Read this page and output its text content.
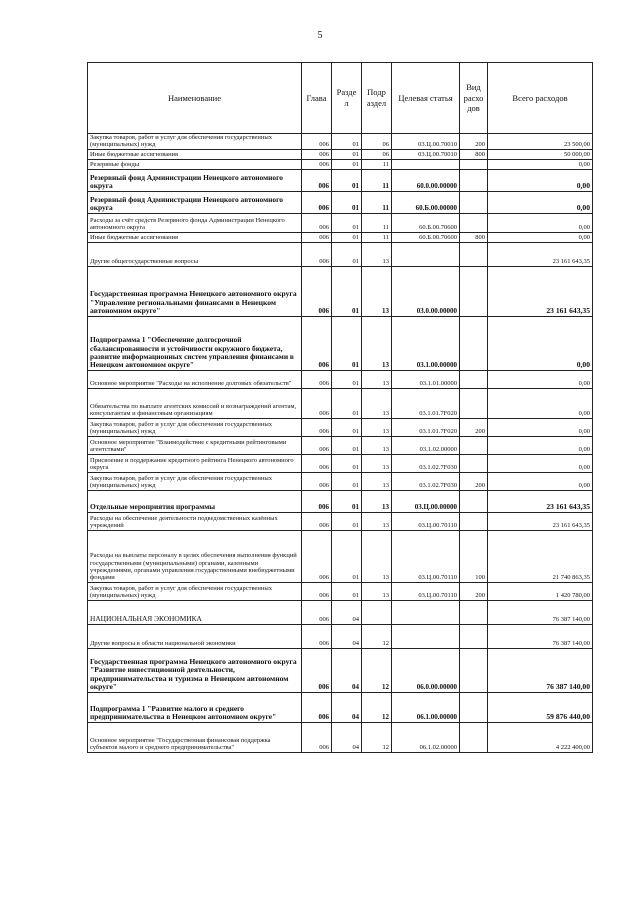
5
Наименование	Глава	Разде л	Подр аздел	Целевая статья	Вид расхо дов	Всего расходов
Закупка товаров, работ и услуг для обеспечения государственных (муниципальных) нужд	006	01	06	03.Ц.00.70010	200	23 500,00
Иные бюджетные ассигнования	006	01	06	03.Ц.00.70010	800	50 000,00
Резервные фонды	006	01	11			0,00
Резервный фонд Администрации Ненецкого автономного округа	006	01	11	60.0.00.00000		0,00
Резервный фонд Администрации Ненецкого автономного округа	006	01	11	60.Б.00.00000		0,00
Расходы за счёт средств Резервного фонда Администрации Ненецкого автономного округа	006	01	11	60.Б.00.70600		0,00
Иные бюджетные ассигнования	006	01	11	60.Б.00.70600	800	0,00
Другие общегосударственные вопросы	006	01	13			23 161 643,35
Государственная программа Ненецкого автономного округа "Управление региональными финансами в Ненецком автономном округе"	006	01	13	03.0.00.00000		23 161 643,35
Подпрограмма 1 "Обеспечение долгосрочной сбалансированности и устойчивости окружного бюджета, развитие информационных систем управления финансами в Ненецком автономном округе"	006	01	13	03.1.00.00000		0,00
Основное мероприятие "Расходы на исполнение долговых обязательств"	006	01	13	03.1.01.00000		0,00
Обязательства по выплате агентских комиссий и вознаграждений агентам, консультантам и финансовым организациям	006	01	13	03.1.01.7F020		0,00
Закупка товаров, работ и услуг для обеспечения государственных (муниципальных) нужд	006	01	13	03.1.01.7F020	200	0,00
Основное мероприятие "Взаимодействие с кредитными рейтинговыми агентствами"	006	01	13	03.1.02.00000		0,00
Присвоение и поддержание кредитного рейтинга Ненецкого автономного округа	006	01	13	03.1.02.7F030		0,00
Закупка товаров, работ и услуг для обеспечения государственных (муниципальных) нужд	006	01	13	03.1.02.7F030	200	0,00
Отдельные мероприятия программы	006	01	13	03.Ц.00.00000		23 161 643,35
Расходы на обеспечение деятельности подведомственных казённых учреждений	006	01	13	03.Ц.00.70110		23 161 643,35
Расходы на выплаты персоналу в целях обеспечения выполнения функций государственными (муниципальными) органами, казенными учреждениями, органами управления государственными внебюджетными фондами	006	01	13	03.Ц.00.70110	100	21 740 863,35
Закупка товаров, работ и услуг для обеспечения государственных (муниципальных) нужд	006	01	13	03.Ц.00.70110	200	1 420 780,00
НАЦИОНАЛЬНАЯ ЭКОНОМИКА	006	04				76 387 140,00
Другие вопросы в области национальной экономики	006	04	12			76 387 140,00
Государственная программа Ненецкого автономного округа "Развитие инвестиционной деятельности, предпринимательства и туризма в Ненецком автономном округе"	006	04	12	06.0.00.00000		76 387 140,00
Подпрограмма 1 "Развитие малого и среднего предпринимательства в Ненецком автономном округе"	006	04	12	06.1.00.00000		59 876 440,00
Основное мероприятие "Государственная финансовая поддержка субъектов малого и среднего предпринимательства"	006	04	12	06.1.02.00000		4 222 400,00
